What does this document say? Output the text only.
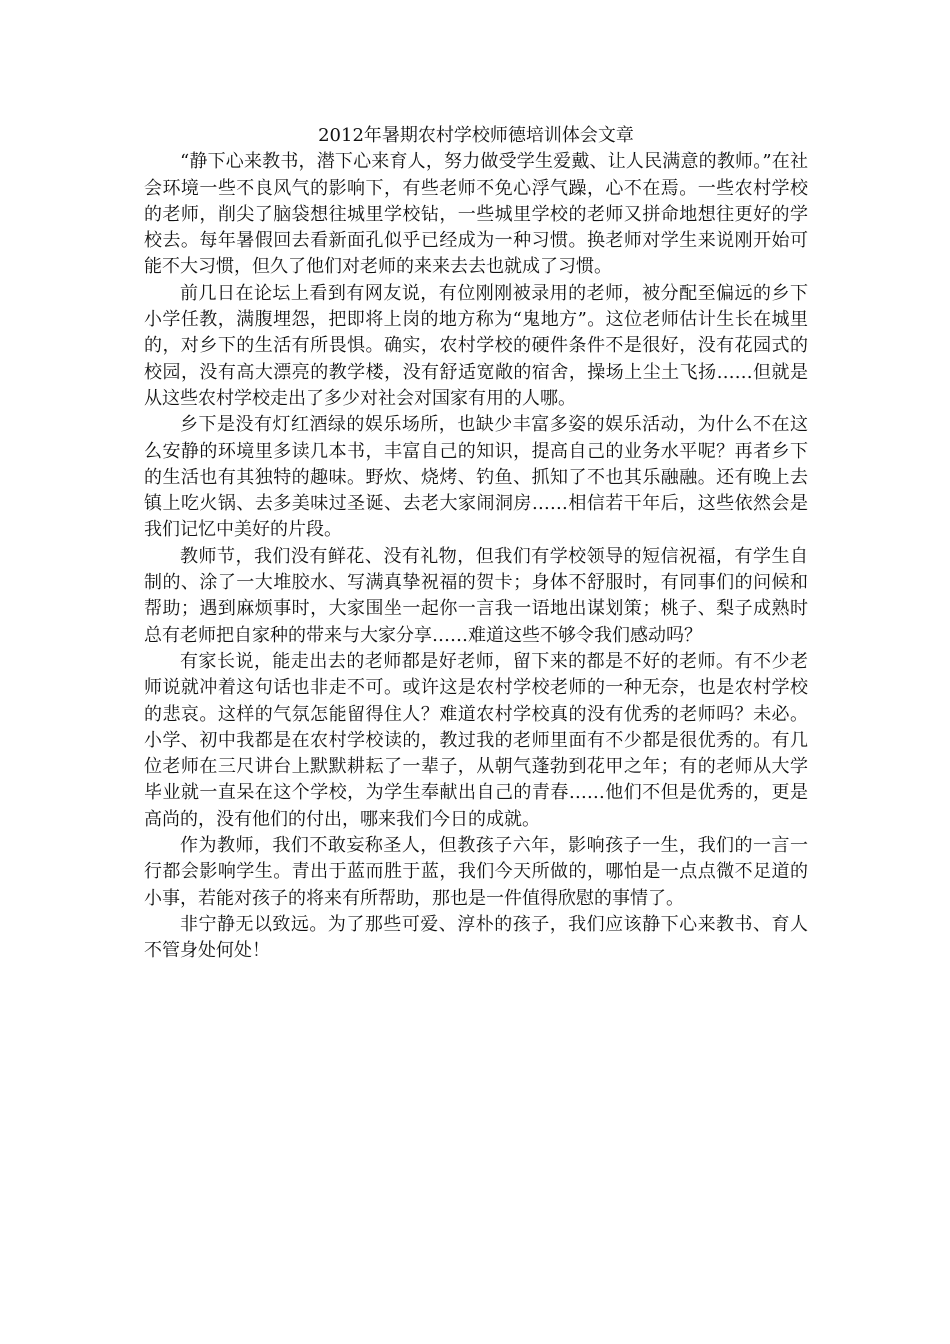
2012年暑期农村学校师德培训体会文章

“静下心来教书，潜下心来育人，努力做受学生爱戴、让人民满意的教师。”在社会环境一些不良风气的影响下，有些老师不免心浮气躁，心不在焉。一些农村学校的老师，削尖了脑袋想往城里学校钻，一些城里学校的老师又拼命地想往更好的学校去。每年暑假回去看新面孔似乎已经成为一种习惯。换老师对学生来说刚开始可能不大习惯，但久了他们对老师的来来去去也就成了习惯。

前几日在论坛上看到有网友说，有位刚刚被录用的老师，被分配至偏远的乡下小学任教，满腹埋怨，把即将上岗的地方称为“鬼地方”。这位老师估计生长在城里的，对乡下的生活有所畏惧。确实，农村学校的硬件条件不是很好，没有花园式的校园，没有高大漂亮的教学楼，没有舒适宽敞的宿舍，操场上尘土飞扬……但就是从这些农村学校走出了多少对社会对国家有用的人哪。

乡下是没有灯红酒绿的娱乐场所，也缺少丰富多姿的娱乐活动，为什么不在这么安静的环境里多读几本书，丰富自己的知识，提高自己的业务水平呢？再者乡下的生活也有其独特的趣味。野炊、烧烤、钓鱼、抓知了不也其乐融融。还有晚上去镇上吃火锅、去多美味过圣诞、去老大家闹洞房……相信若干年后，这些依然会是我们记忆中美好的片段。

教师节，我们没有鲜花、没有礼物，但我们有学校领导的短信祝福，有学生自制的、涂了一大堆胶水、写满真挚祝福的贺卡；身体不舒服时，有同事们的问候和帮助；遇到麻烦事时，大家围坐一起你一言我一语地出谋划策；桃子、梨子成熟时总有老师把自家种的带来与大家分享……难道这些不够令我们感动吗？

有家长说，能走出去的老师都是好老师，留下来的都是不好的老师。有不少老师说就冲着这句话也非走不可。或许这是农村学校老师的一种无奈，也是农村学校的悲哀。这样的气氛怎能留得住人？难道农村学校真的没有优秀的老师吗？未必。小学、初中我都是在农村学校读的，教过我的老师里面有不少都是很优秀的。有几位老师在三尺讲台上默默耕耘了一辈子，从朝气蓬勃到花甲之年；有的老师从大学毕业就一直呆在这个学校，为学生奉献出自己的青春……他们不但是优秀的，更是高尚的，没有他们的付出，哪来我们今日的成就。

作为教师，我们不敢妄称圣人，但教孩子六年，影响孩子一生，我们的一言一行都会影响学生。青出于蓝而胜于蓝，我们今天所做的，哪怕是一点点微不足道的小事，若能对孩子的将来有所帮助，那也是一件值得欣慰的事情了。

非宁静无以致远。为了那些可爱、淳朴的孩子，我们应该静下心来教书、育人不管身处何处！
